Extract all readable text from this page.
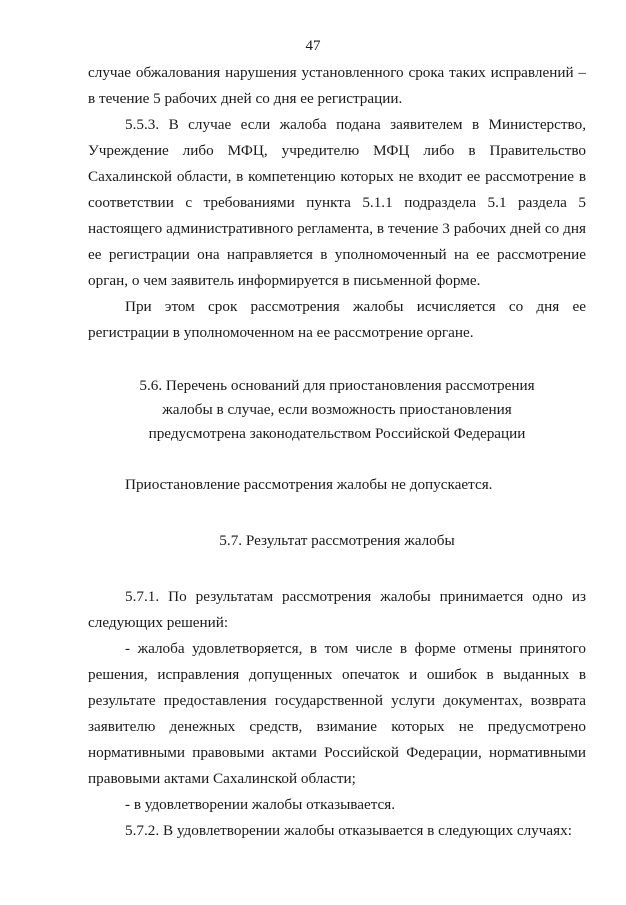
47

случае обжалования нарушения установленного срока таких исправлений – в течение 5 рабочих дней со дня ее регистрации.

5.5.3. В случае если жалоба подана заявителем в Министерство, Учреждение либо МФЦ, учредителю МФЦ либо в Правительство Сахалинской области, в компетенцию которых не входит ее рассмотрение в соответствии с требованиями пункта 5.1.1 подраздела 5.1 раздела 5 настоящего административного регламента, в течение 3 рабочих дней со дня ее регистрации она направляется в уполномоченный на ее рассмотрение орган, о чем заявитель информируется в письменной форме.

При этом срок рассмотрения жалобы исчисляется со дня ее регистрации в уполномоченном на ее рассмотрение органе.

5.6. Перечень оснований для приостановления рассмотрения

жалобы в случае, если возможность приостановления

предусмотрена законодательством Российской Федерации

Приостановление рассмотрения жалобы не допускается.

5.7. Результат рассмотрения жалобы

5.7.1. По результатам рассмотрения жалобы принимается одно из следующих решений:

- жалоба удовлетворяется, в том числе в форме отмены принятого решения, исправления допущенных опечаток и ошибок в выданных в результате предоставления государственной услуги документах, возврата заявителю денежных средств, взимание которых не предусмотрено нормативными правовыми актами Российской Федерации, нормативными правовыми актами Сахалинской области;

- в удовлетворении жалобы отказывается.

5.7.2. В удовлетворении жалобы отказывается в следующих случаях:
